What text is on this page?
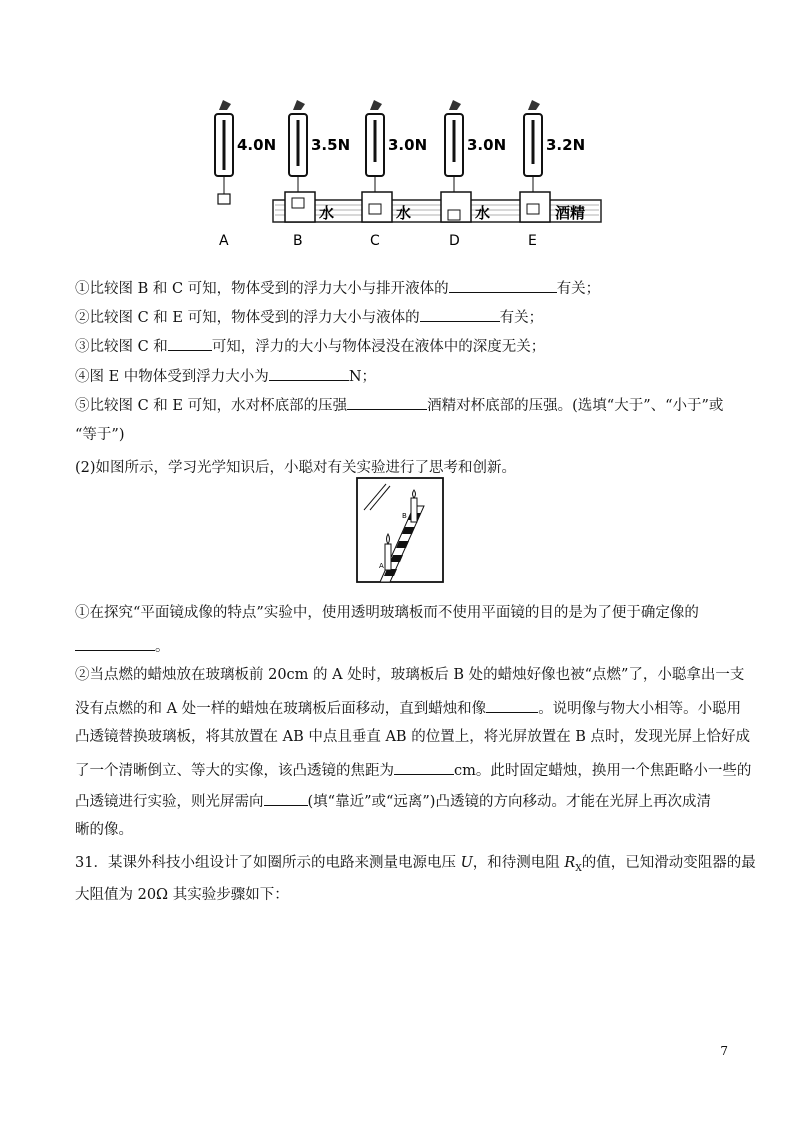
4.0N
A
3.5N
水
B
3.0N
水
C
3.0N
水
D
3.2N
酒精
E
①比较图 B 和 C 可知，物体受到的浮力大小与排开液体的	有关；
②比较图 C 和 E 可知，物体受到的浮力大小与液体的	有关；
③比较图 C 和	可知，浮力的大小与物体浸没在液体中的深度无关；
④图 E 中物体受到浮力大小为	N；
⑤比较图 C 和 E 可知，水对杯底部的压强	酒精对杯底部的压强。(选填“大于”、“小于”或
“等于”)
(2)如图所示，学习光学知识后，小聪对有关实验进行了思考和创新。
B
A
①在探究“平面镜成像的特点”实验中，使用透明玻璃板而不使用平面镜的目的是为了便于确定像的
。
②当点燃的蜡烛放在玻璃板前 20cm 的 A 处时，玻璃板后 B 处的蜡烛好像也被“点燃”了，小聪拿出一支
没有点燃的和 A 处一样的蜡烛在玻璃板后面移动，直到蜡烛和像	。说明像与物大小相等。小聪用
凸透镜替换玻璃板，将其放置在 AB 中点且垂直 AB 的位置上，将光屏放置在 B 点时，发现光屏上恰好成
了一个清晰倒立、等大的实像，该凸透镜的焦距为	cm。此时固定蜡烛，换用一个焦距略小一些的
凸透镜进行实验，则光屏需向	(填“靠近”或“远离”)凸透镜的方向移动。才能在光屏上再次成清
晰的像。
31．某课外科技小组设计了如圈所示的电路来测量电源电压 U，和待测电阻 $R_X$的值，已知滑动变阻器的最
大阻值为 20Ω 其实验步骤如下：
7
